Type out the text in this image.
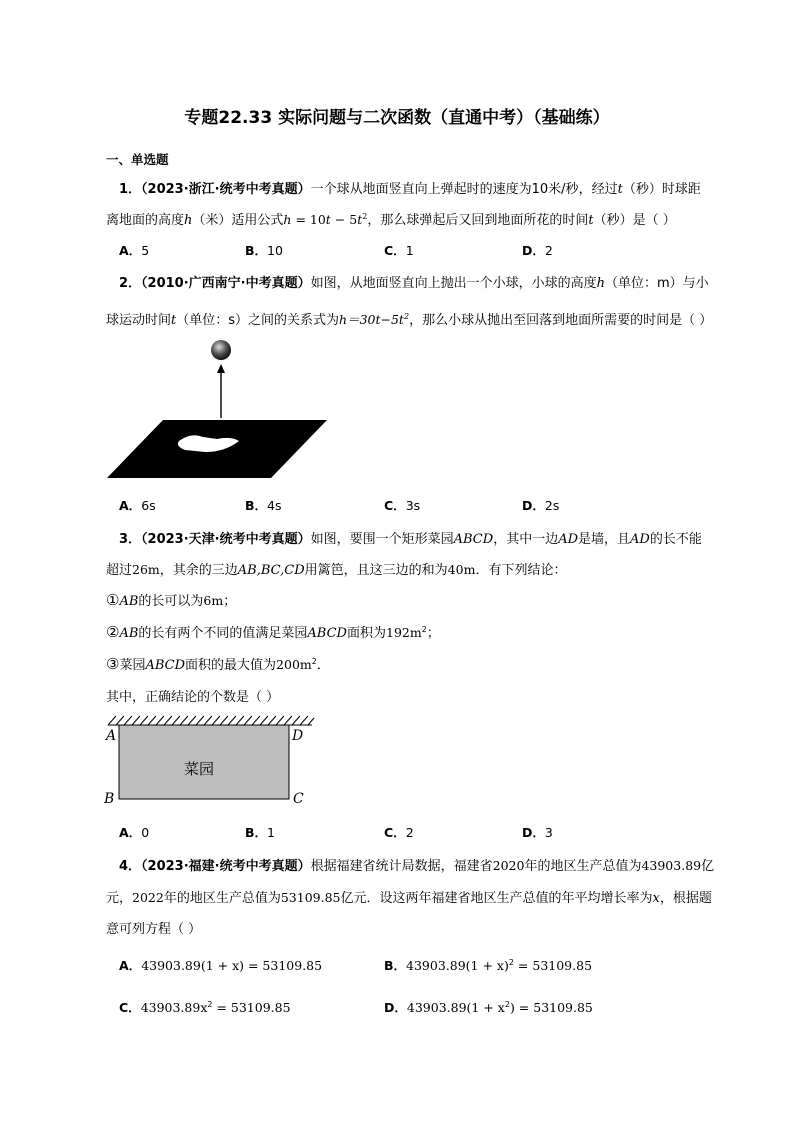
专题22.33 实际问题与二次函数（直通中考）（基础练）
一、单选题
1．（2023·浙江·统考中考真题）一个球从地面竖直向上弹起时的速度为10米/秒，经过t（秒）时球距
离地面的高度h（米）适用公式$h = 10t - 5t^2$，那么球弹起后又回到地面所花的时间t（秒）是（ ）
A．5	B．10	C．1	D．2
2．（2010·广西南宁·中考真题）如图，从地面竖直向上抛出一个小球，小球的高度h（单位：m）与小
球运动时间t（单位：s）之间的关系式为$h=30t-5t^2$，那么小球从抛出至回落到地面所需要的时间是（ ）
A．6s	B．4s	C．3s	D．2s
3．（2023·天津·统考中考真题）如图，要围一个矩形菜园ABCD，其中一边AD是墙，且AD的长不能
超过26m，其余的三边AB,BC,CD用篱笆，且这三边的和为40m．有下列结论：
①AB的长可以为6m；
②AB的长有两个不同的值满足菜园ABCD面积为$192m^2$；
③菜园ABCD面积的最大值为$200m^2$．
其中，正确结论的个数是（ ）
菜园
A	D
B	C
A．0	B．1	C．2	D．3
4．（2023·福建·统考中考真题）根据福建省统计局数据，福建省2020年的地区生产总值为43903.89亿
元，2022年的地区生产总值为53109.85亿元．设这两年福建省地区生产总值的年平均增长率为x，根据题
意可列方程（ ）
A．43903.89(1 + x) = 53109.85	B．$43903.89(1 + x)^2 = 53109.85$
C．$43903.89x^2 = 53109.85$	D．$43903.89(1 + x^2) = 53109.85$
